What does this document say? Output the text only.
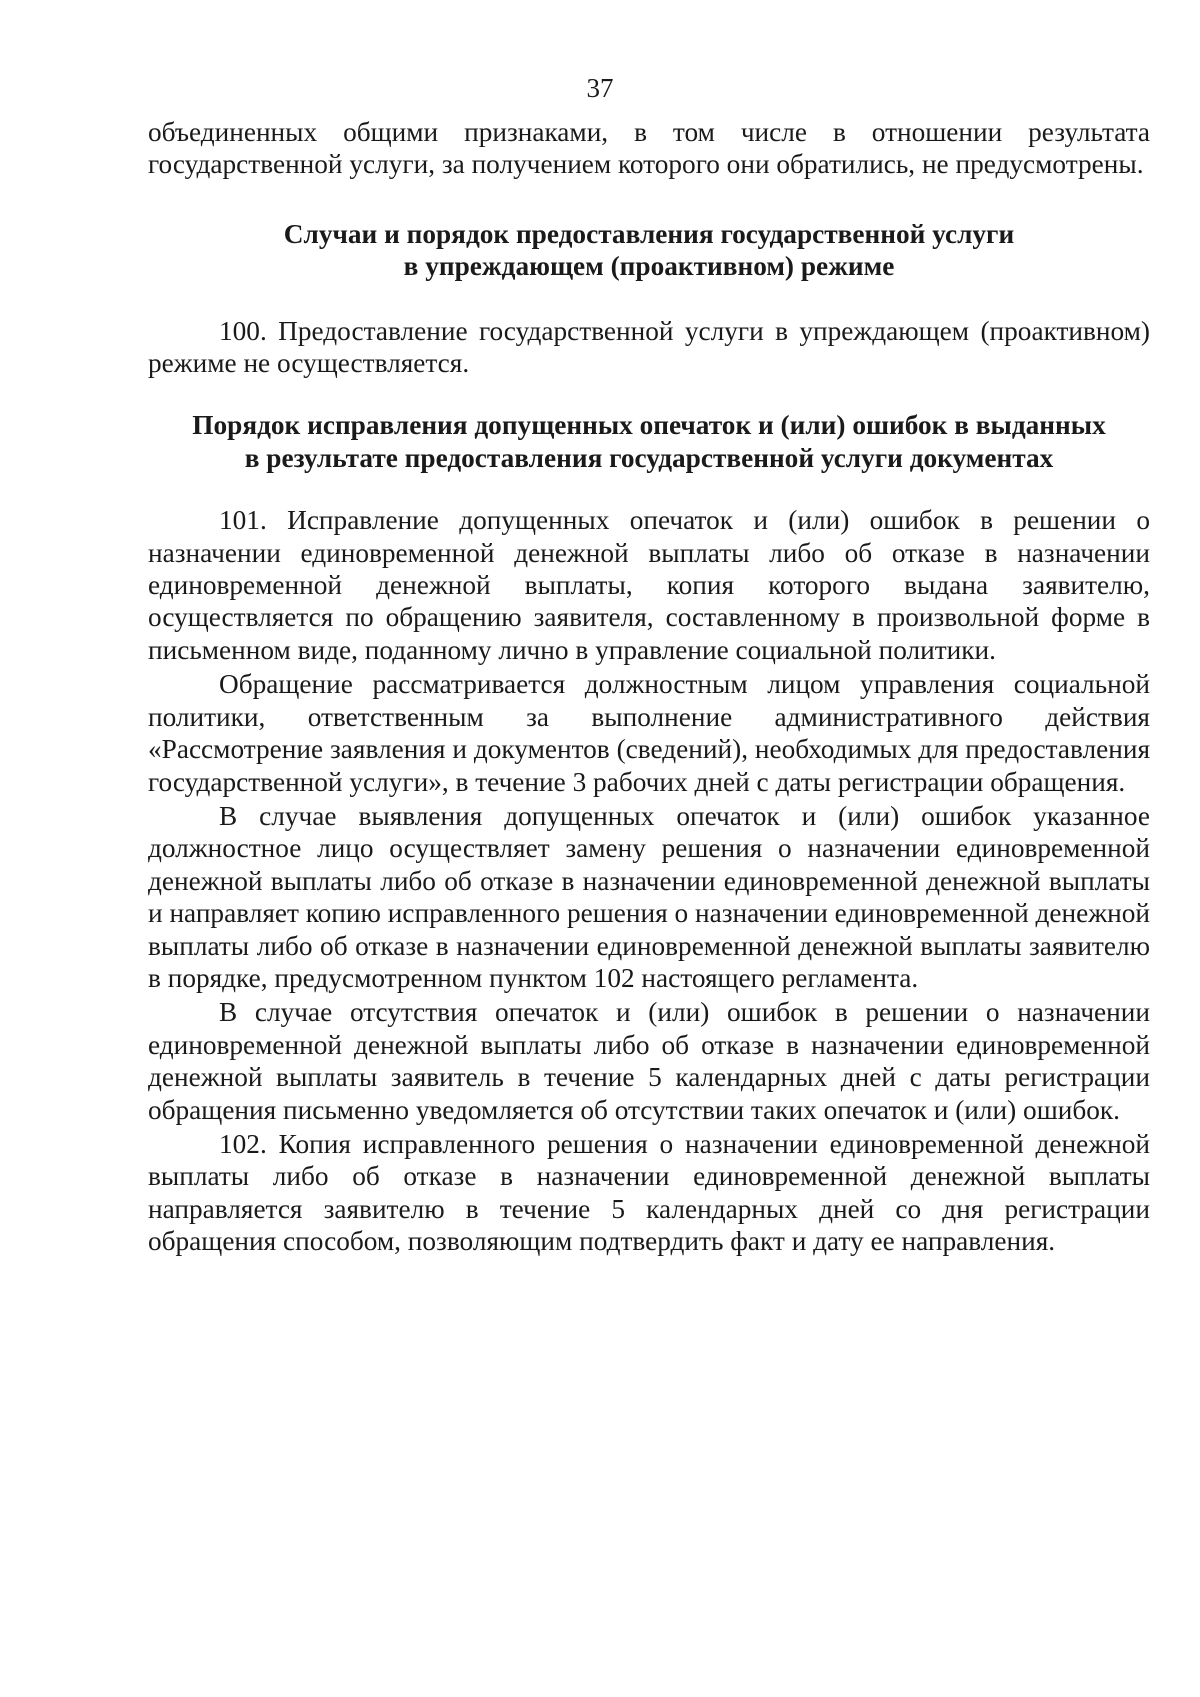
37

объединенных общими признаками, в том числе в отношении результата государственной услуги, за получением которого они обратились, не предусмотрены.

Случаи и порядок предоставления государственной услуги
в упреждающем (проактивном) режиме

100. Предоставление государственной услуги в упреждающем (проактивном) режиме не осуществляется.

Порядок исправления допущенных опечаток и (или) ошибок в выданных
в результате предоставления государственной услуги документах

101. Исправление допущенных опечаток и (или) ошибок в решении о назначении единовременной денежной выплаты либо об отказе в назначении единовременной денежной выплаты, копия которого выдана заявителю, осуществляется по обращению заявителя, составленному в произвольной форме в письменном виде, поданному лично в управление социальной политики.

Обращение рассматривается должностным лицом управления социальной политики, ответственным за выполнение административного действия «Рассмотрение заявления и документов (сведений), необходимых для предоставления государственной услуги», в течение 3 рабочих дней с даты регистрации обращения.

В случае выявления допущенных опечаток и (или) ошибок указанное должностное лицо осуществляет замену решения о назначении единовременной денежной выплаты либо об отказе в назначении единовременной денежной выплаты и направляет копию исправленного решения о назначении единовременной денежной выплаты либо об отказе в назначении единовременной денежной выплаты заявителю в порядке, предусмотренном пунктом 102 настоящего регламента.

В случае отсутствия опечаток и (или) ошибок в решении о назначении единовременной денежной выплаты либо об отказе в назначении единовременной денежной выплаты заявитель в течение 5 календарных дней с даты регистрации обращения письменно уведомляется об отсутствии таких опечаток и (или) ошибок.

102. Копия исправленного решения о назначении единовременной денежной выплаты либо об отказе в назначении единовременной денежной выплаты направляется заявителю в течение 5 календарных дней со дня регистрации обращения способом, позволяющим подтвердить факт и дату ее направления.
